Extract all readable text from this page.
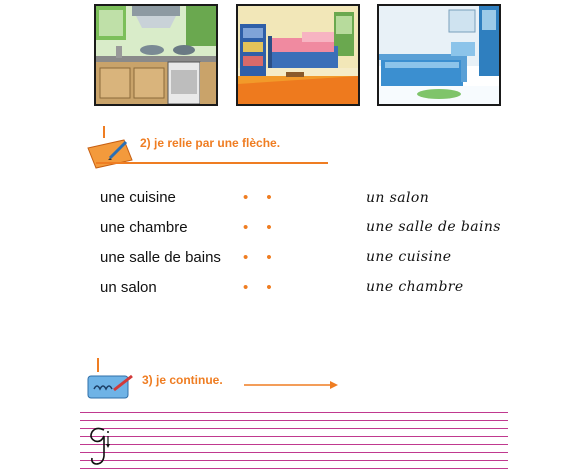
2) je relie par une flèche.
une cuisine
une chambre
une salle de bains
un salon
• •
• •
• •
• •
un salon
une salle de bains
une cuisine
une chambre
3) je continue.
